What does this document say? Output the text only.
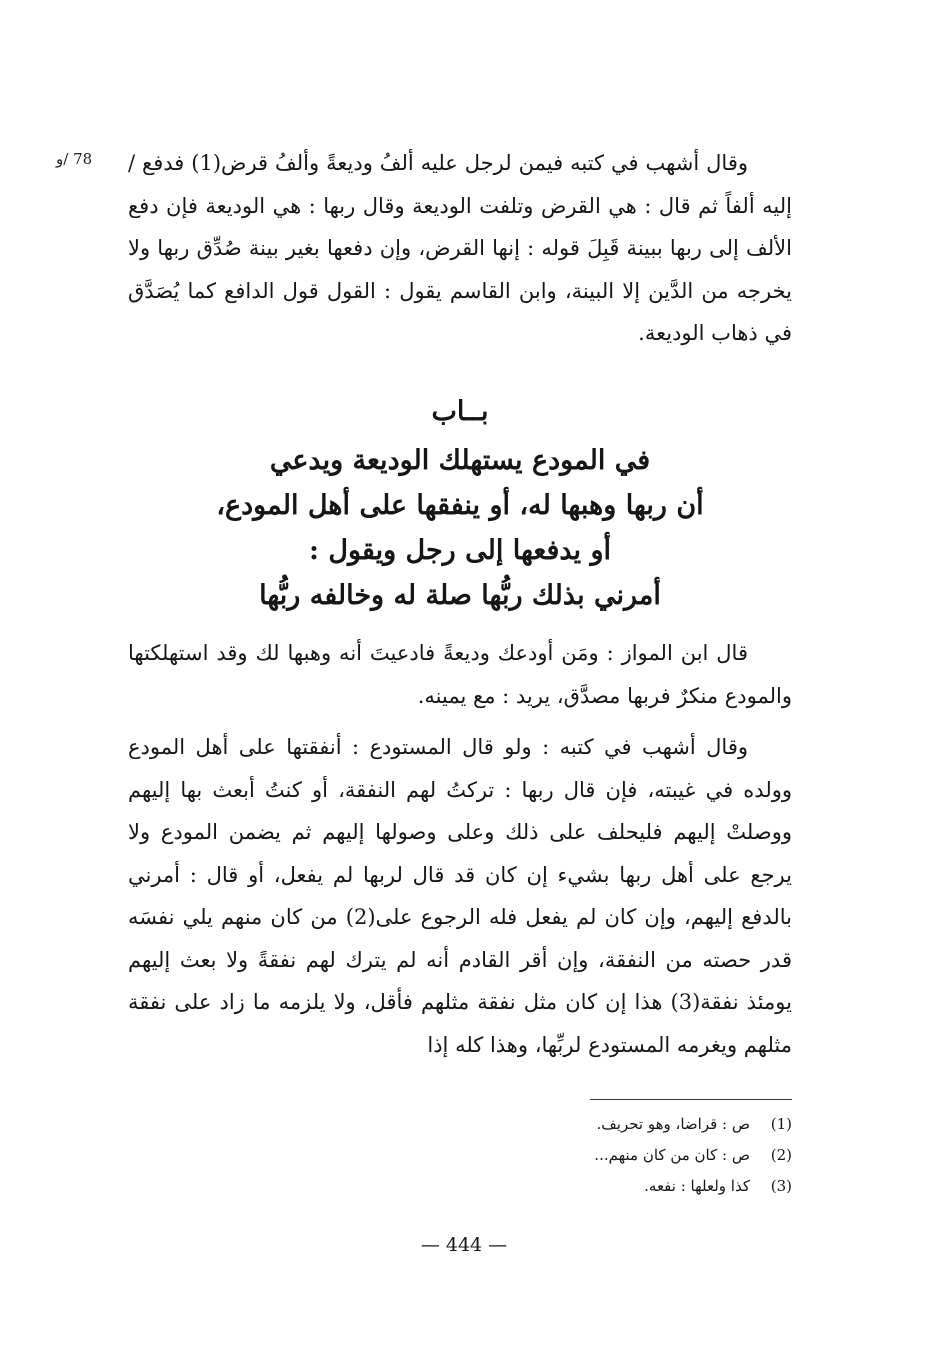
78 /ﻭ	وقال أشهب في كتبه فيمن لرجل عليه ألفُ وديعةً وألفُ قرض(1) فدفع / إليه ألفاً ثم قال : هي القرض وتلفت الوديعة وقال ربها : هي الوديعة فإن دفع الألف إلى ربها ببينة قَبِلَ قوله : إنها القرض، وإن دفعها بغير بينة صُدِّق ربها ولا يخرجه من الدَّين إلا البينة، وابن القاسم يقول : القول قول الدافع كما يُصَدَّق في ذهاب الوديعة.

بــاب
في المودع يستهلك الوديعة ويدعي
أن ربها وهبها له، أو ينفقها على أهل المودع،
أو يدفعها إلى رجل ويقول :
أمرني بذلك ربُّها صلة له وخالفه ربُّها

قال ابن المواز : ومَن أودعك وديعةً فادعيتَ أنه وهبها لك وقد استهلكتها والمودع منكرٌ فربها مصدَّق، يريد : مع يمينه.

وقال أشهب في كتبه : ولو قال المستودع : أنفقتها على أهل المودع وولده في غيبته، فإن قال ربها : تركتُ لهم النفقة، أو كنتُ أبعث بها إليهم ووصلتْ إليهم فليحلف على ذلك وعلى وصولها إليهم ثم يضمن المودع ولا يرجع على أهل ربها بشيء إن كان قد قال لربها لم يفعل، أو قال : أمرني بالدفع إليهم، وإن كان لم يفعل فله الرجوع على(2) من كان منهم يلي نفسَه قدر حصته من النفقة، وإن أقر القادم أنه لم يترك لهم نفقةً ولا بعث إليهم يومئذ نفقة(3) هذا إن كان مثل نفقة مثلهم فأقل، ولا يلزمه ما زاد على نفقة مثلهم ويغرمه المستودع لربِّها، وهذا كله إذا

(1)
ص : قراضا، وهو تحريف.
(2)
ص : كان من كان منهم...
(3)
كذا ولعلها : نفعه.
— 444 —
